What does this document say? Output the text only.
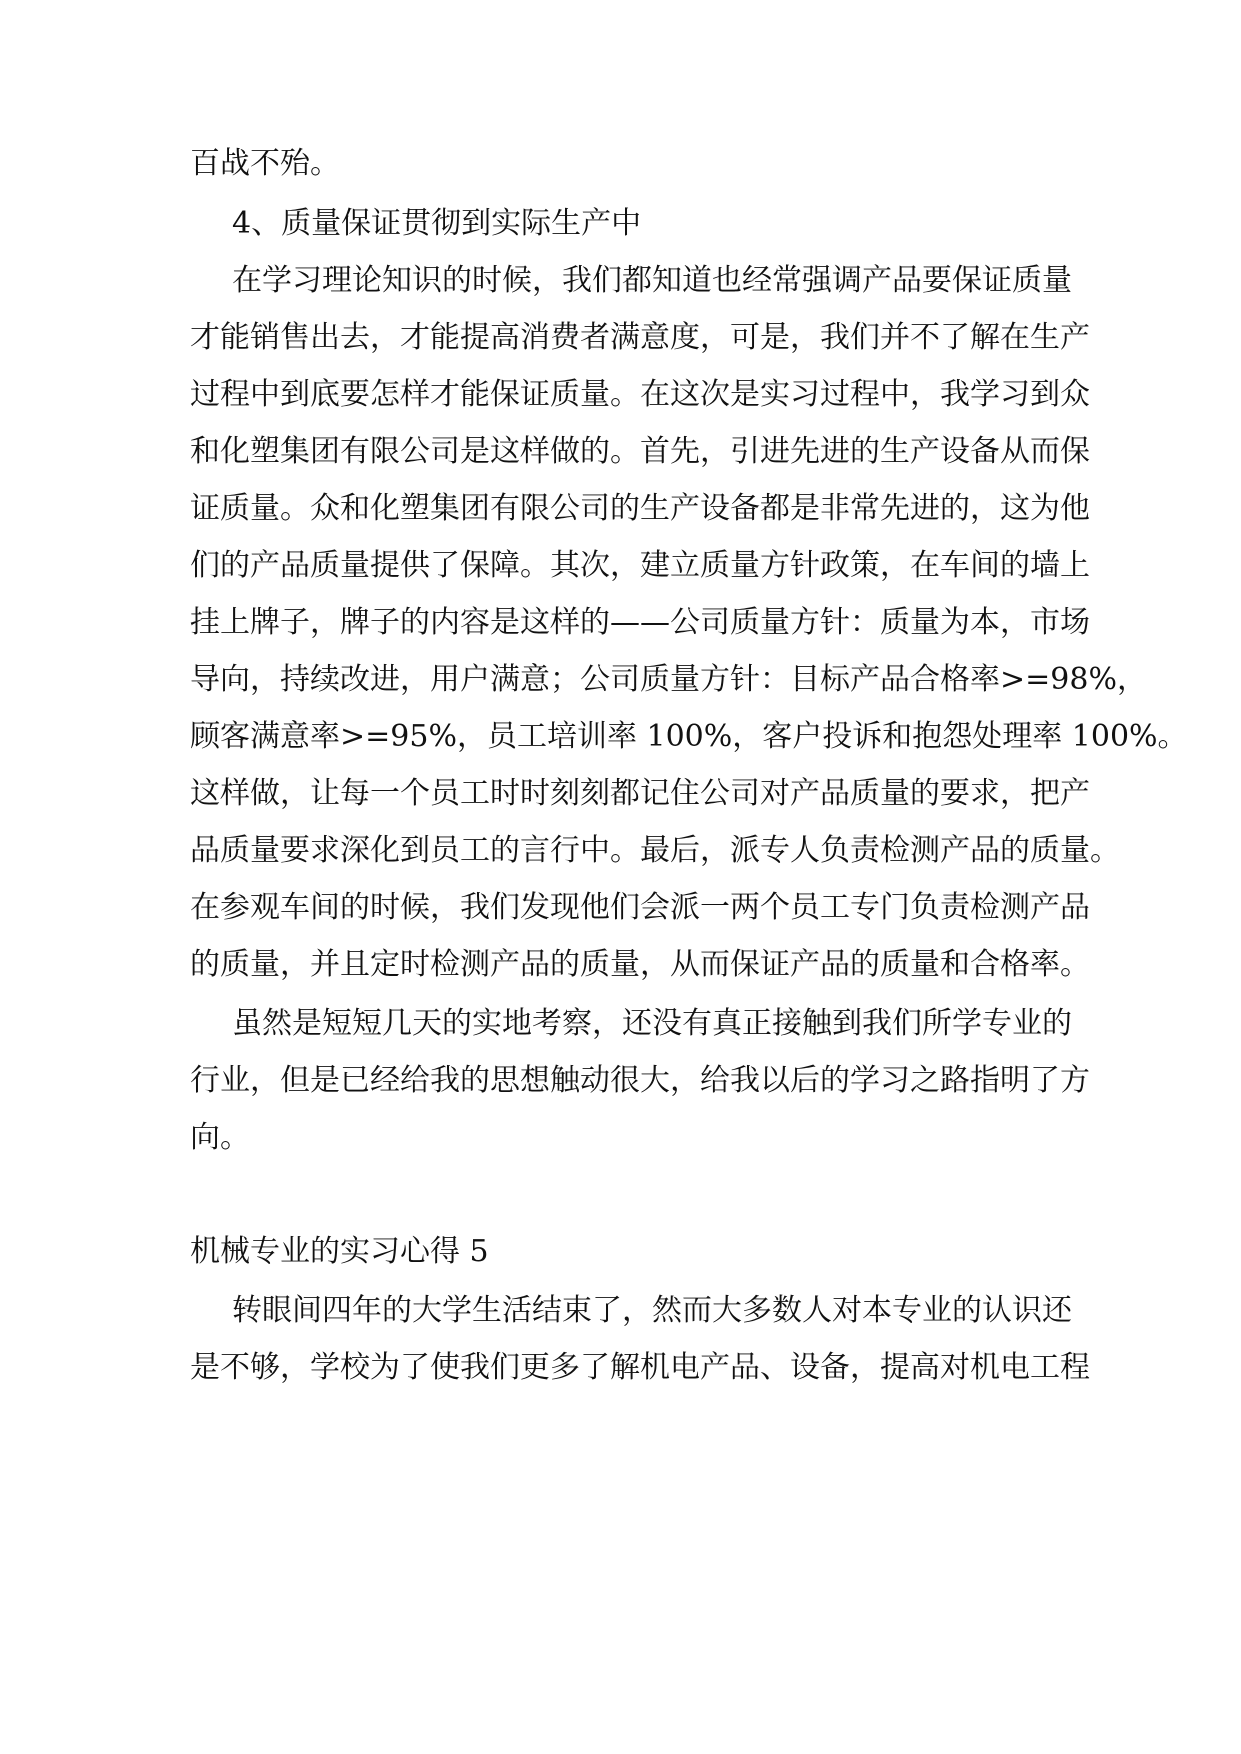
百战不殆。
4、质量保证贯彻到实际生产中
在学习理论知识的时候，我们都知道也经常强调产品要保证质量
才能销售出去，才能提高消费者满意度，可是，我们并不了解在生产
过程中到底要怎样才能保证质量。在这次是实习过程中，我学习到众
和化塑集团有限公司是这样做的。首先，引进先进的生产设备从而保
证质量。众和化塑集团有限公司的生产设备都是非常先进的，这为他
们的产品质量提供了保障。其次，建立质量方针政策，在车间的墙上
挂上牌子，牌子的内容是这样的——公司质量方针：质量为本，市场
导向，持续改进，用户满意；公司质量方针：目标产品合格率>=98%，
顾客满意率>=95%，员工培训率 100%，客户投诉和抱怨处理率 100%。
这样做，让每一个员工时时刻刻都记住公司对产品质量的要求，把产
品质量要求深化到员工的言行中。最后，派专人负责检测产品的质量。
在参观车间的时候，我们发现他们会派一两个员工专门负责检测产品
的质量，并且定时检测产品的质量，从而保证产品的质量和合格率。
虽然是短短几天的实地考察，还没有真正接触到我们所学专业的
行业，但是已经给我的思想触动很大，给我以后的学习之路指明了方
向。
机械专业的实习心得 5
转眼间四年的大学生活结束了，然而大多数人对本专业的认识还
是不够，学校为了使我们更多了解机电产品、设备，提高对机电工程
